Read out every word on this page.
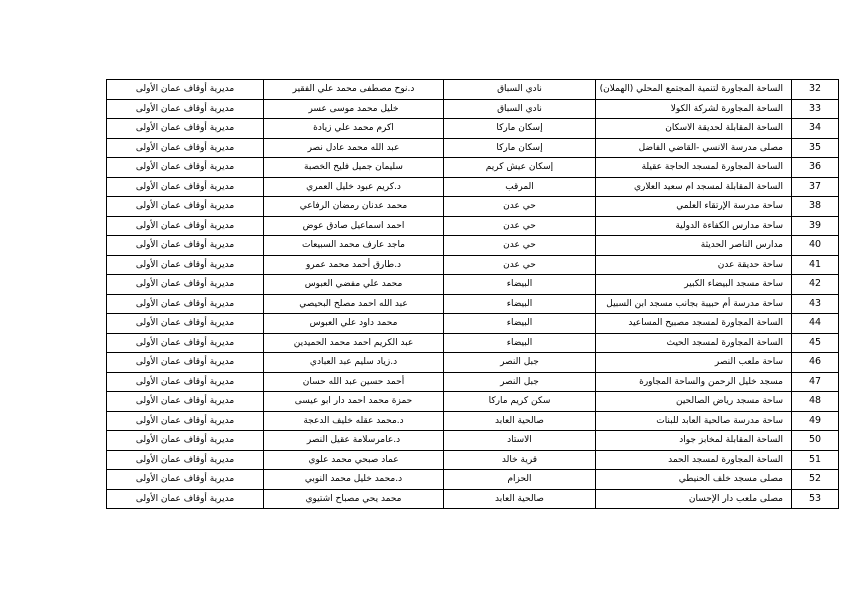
32	الساحة المجاورة لتنمية المجتمع المحلي (الهملان)	نادي السباق	د.نوح مصطفى محمد علي الفقير	مديرية أوقاف عمان الأولى
33	الساحة المجاورة لشركة الكولا	نادي السباق	خليل محمد موسى عسر	مديرية أوقاف عمان الأولى
34	الساحة المقابلة لحديقة الاسكان	إسكان ماركا	اكرم محمد علي زيادة	مديرية أوقاف عمان الأولى
35	مصلى مدرسة الانسي -القاضي الفاضل	إسكان ماركا	عبد الله محمد عادل نصر	مديرية أوقاف عمان الأولى
36	الساحة المجاورة لمسجد الحاجة عقيلة	إسكان عيش كريم	سليمان جميل فليح الخصبة	مديرية أوقاف عمان الأولى
37	الساحة المقابلة لمسجد ام سعيد العلاري	المرقب	د.كريم عبود خليل العمري	مديرية أوقاف عمان الأولى
38	ساحة مدرسة الإرتقاء العلمي	حي عدن	محمد عدنان رمضان الرفاعي	مديرية أوقاف عمان الأولى
39	ساحة مدارس الكفاءة الدولية	حي عدن	احمد اسماعيل صادق عوض	مديرية أوقاف عمان الأولى
40	مدارس الناصر الحديثة	حي عدن	ماجد عارف محمد السبيعات	مديرية أوقاف عمان الأولى
41	ساحة حديقة عدن	حي عدن	د.طارق أحمد محمد عمرو	مديرية أوقاف عمان الأولى
42	ساحة مسجد البيضاء الكبير	البيضاء	محمد علي مفضي العبوس	مديرية أوقاف عمان الأولى
43	ساحة مدرسة أم حبيبة بجانب مسجد ابن السبيل	البيضاء	عبد الله احمد مصلح البحيصي	مديرية أوقاف عمان الأولى
44	الساحة المجاورة لمسجد مصبيح المساعيد	البيضاء	محمد داود علي العبوس	مديرية أوقاف عمان الأولى
45	الساحة المجاورة لمسجد الحيث	البيضاء	عبد الكريم احمد محمد الحميدين	مديرية أوقاف عمان الأولى
46	ساحة ملعب النصر	جبل النصر	د.زياد سليم عبد العبادي	مديرية أوقاف عمان الأولى
47	مسجد خليل الرحمن والساحة المجاورة	جبل النصر	أحمد حسين عبد الله حسان	مديرية أوقاف عمان الأولى
48	ساحة مسجد رياض الصالحين	سكن كريم ماركا	حمزة محمد احمد دار ابو عيسى	مديرية أوقاف عمان الأولى
49	ساحة مدرسة صالحية العابد للبنات	صالحية العابد	د.محمد عقله خليف الدعجة	مديرية أوقاف عمان الأولى
50	الساحة المقابلة لمخابز جواد	الاستاد	د.عامرسلامة عقيل النصر	مديرية أوقاف عمان الأولى
51	الساحة المجاورة لمسجد الحمد	قرية خالد	عماد صبحي محمد علوي	مديرية أوقاف عمان الأولى
52	مصلى مسجد خلف الحنيطي	الحزام	د.محمد خليل محمد النوبي	مديرية أوقاف عمان الأولى
53	مصلى ملعب دار الإحسان	صالحية العابد	محمد يحي مصباح اشتيوي	مديرية أوقاف عمان الأولى
